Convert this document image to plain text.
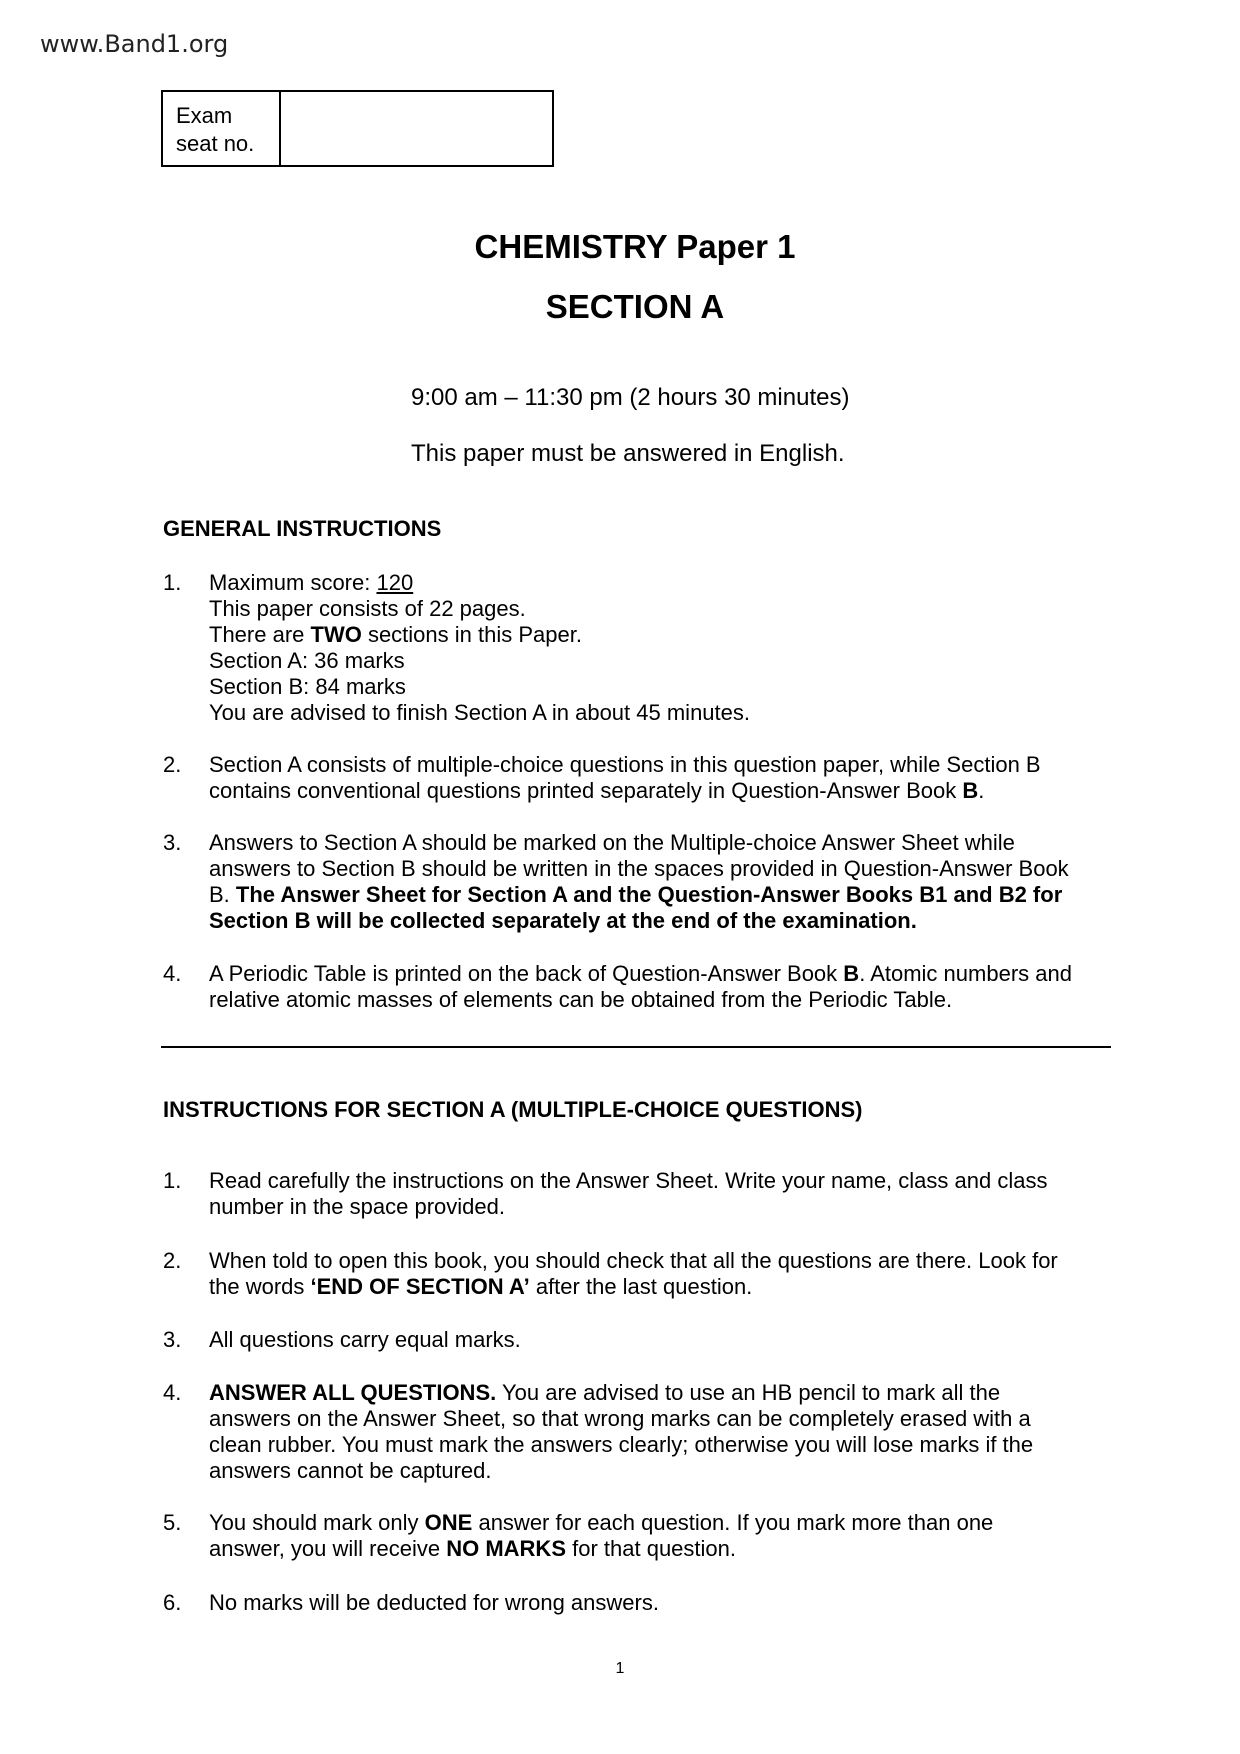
www.Band1.org
Exam
seat no.
CHEMISTRY Paper 1
SECTION A
9:00 am – 11:30 pm (2 hours 30 minutes)
This paper must be answered in English.
GENERAL INSTRUCTIONS
1. Maximum score: 120
This paper consists of 22 pages.
There are TWO sections in this Paper.
Section A: 36 marks
Section B: 84 marks
You are advised to finish Section A in about 45 minutes.
2. Section A consists of multiple-choice questions in this question paper, while Section B
contains conventional questions printed separately in Question-Answer Book B.
3. Answers to Section A should be marked on the Multiple-choice Answer Sheet while
answers to Section B should be written in the spaces provided in Question-Answer Book
B. The Answer Sheet for Section A and the Question-Answer Books B1 and B2 for
Section B will be collected separately at the end of the examination.
4. A Periodic Table is printed on the back of Question-Answer Book B. Atomic numbers and
relative atomic masses of elements can be obtained from the Periodic Table.
INSTRUCTIONS FOR SECTION A (MULTIPLE-CHOICE QUESTIONS)
1. Read carefully the instructions on the Answer Sheet. Write your name, class and class
number in the space provided.
2. When told to open this book, you should check that all the questions are there. Look for
the words ‘END OF SECTION A’ after the last question.
3. All questions carry equal marks.
4. ANSWER ALL QUESTIONS. You are advised to use an HB pencil to mark all the
answers on the Answer Sheet, so that wrong marks can be completely erased with a
clean rubber. You must mark the answers clearly; otherwise you will lose marks if the
answers cannot be captured.
5. You should mark only ONE answer for each question. If you mark more than one
answer, you will receive NO MARKS for that question.
6. No marks will be deducted for wrong answers.
1
